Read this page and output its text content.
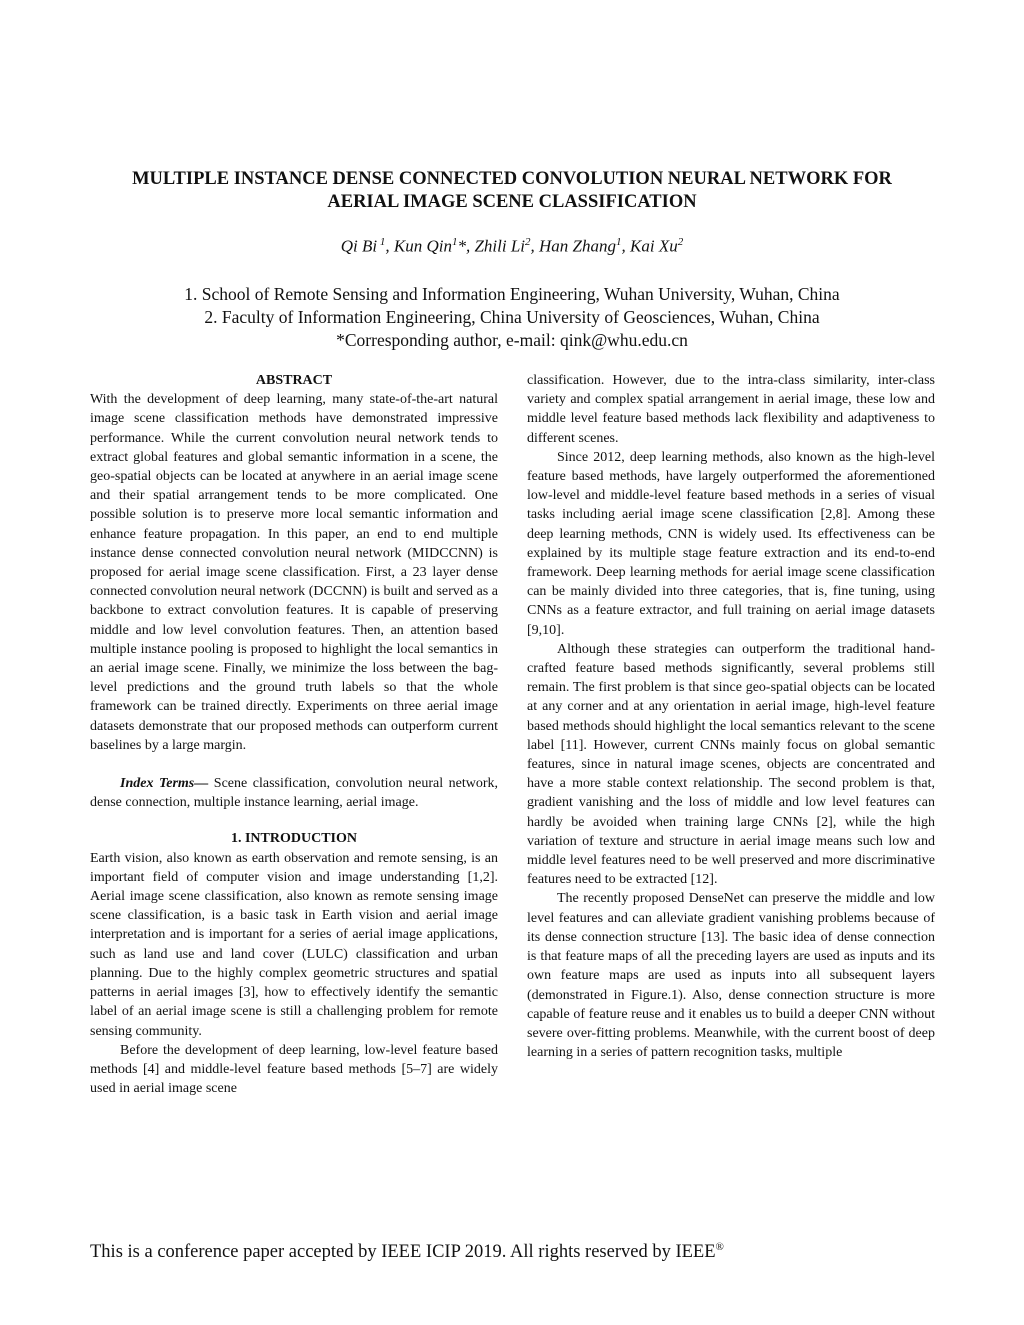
MULTIPLE INSTANCE DENSE CONNECTED CONVOLUTION NEURAL NETWORK FOR
AERIAL IMAGE SCENE CLASSIFICATION
Qi Bi $^1$, Kun Qin$^1$*, Zhili Li$^2$, Han Zhang$^1$, Kai Xu$^2$
1. School of Remote Sensing and Information Engineering, Wuhan University, Wuhan, China
2. Faculty of Information Engineering, China University of Geosciences, Wuhan, China
*Corresponding author, e-mail: qink@whu.edu.cn

ABSTRACT

With the development of deep learning, many state-of-the-art natural image scene classification methods have demonstrated impressive performance. While the current convolution neural network tends to extract global features and global semantic information in a scene, the geo-spatial objects can be located at anywhere in an aerial image scene and their spatial arrangement tends to be more complicated. One possible solution is to preserve more local semantic information and enhance feature propagation. In this paper, an end to end multiple instance dense connected convolution neural network (MIDCCNN) is proposed for aerial image scene classification. First, a 23 layer dense connected convolution neural network (DCCNN) is built and served as a backbone to extract convolution features. It is capable of preserving middle and low level convolution features. Then, an attention based multiple instance pooling is proposed to highlight the local semantics in an aerial image scene. Finally, we minimize the loss between the bag-level predictions and the ground truth labels so that the whole framework can be trained directly. Experiments on three aerial image datasets demonstrate that our proposed methods can outperform current baselines by a large margin.

Index Terms— Scene classification, convolution neural network, dense connection, multiple instance learning, aerial image.

1. INTRODUCTION

Earth vision, also known as earth observation and remote sensing, is an important field of computer vision and image understanding [1,2]. Aerial image scene classification, also known as remote sensing image scene classification, is a basic task in Earth vision and aerial image interpretation and is important for a series of aerial image applications, such as land use and land cover (LULC) classification and urban planning. Due to the highly complex geometric structures and spatial patterns in aerial images [3], how to effectively identify the semantic label of an aerial image scene is still a challenging problem for remote sensing community.

Before the development of deep learning, low-level feature based methods [4] and middle-level feature based methods [5–7] are widely used in aerial image scene

classification. However, due to the intra-class similarity, inter-class variety and complex spatial arrangement in aerial image, these low and middle level feature based methods lack flexibility and adaptiveness to different scenes.

Since 2012, deep learning methods, also known as the high-level feature based methods, have largely outperformed the aforementioned low-level and middle-level feature based methods in a series of visual tasks including aerial image scene classification [2,8]. Among these deep learning methods, CNN is widely used. Its effectiveness can be explained by its multiple stage feature extraction and its end-to-end framework. Deep learning methods for aerial image scene classification can be mainly divided into three categories, that is, fine tuning, using CNNs as a feature extractor, and full training on aerial image datasets [9,10].

Although these strategies can outperform the traditional hand-crafted feature based methods significantly, several problems still remain. The first problem is that since geo-spatial objects can be located at any corner and at any orientation in aerial image, high-level feature based methods should highlight the local semantics relevant to the scene label [11]. However, current CNNs mainly focus on global semantic features, since in natural image scenes, objects are concentrated and have a more stable context relationship. The second problem is that, gradient vanishing and the loss of middle and low level features can hardly be avoided when training large CNNs [2], while the high variation of texture and structure in aerial image means such low and middle level features need to be well preserved and more discriminative features need to be extracted [12].

The recently proposed DenseNet can preserve the middle and low level features and can alleviate gradient vanishing problems because of its dense connection structure [13]. The basic idea of dense connection is that feature maps of all the preceding layers are used as inputs and its own feature maps are used as inputs into all subsequent layers (demonstrated in Figure.1). Also, dense connection structure is more capable of feature reuse and it enables us to build a deeper CNN without severe over-fitting problems. Meanwhile, with the current boost of deep learning in a series of pattern recognition tasks, multiple

This is a conference paper accepted by IEEE ICIP 2019. All rights reserved by IEEE®
